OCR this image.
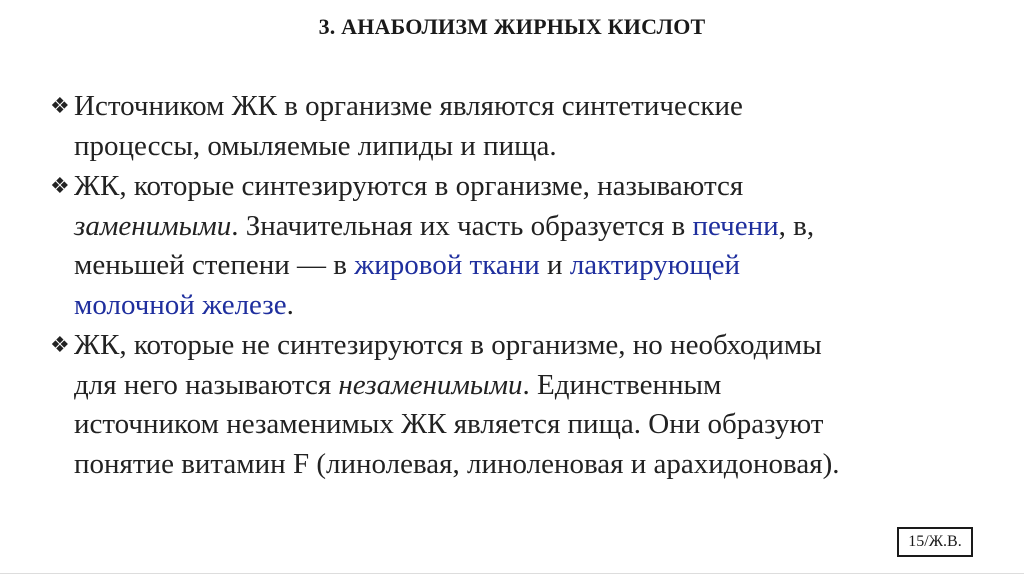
3. АНАБОЛИЗМ ЖИРНЫХ КИСЛОТ
❖ Источником ЖК в организме являются синтетические
процессы, омыляемые липиды и пища.
❖ ЖК, которые синтезируются в организме, называются
заменимыми. Значительная их часть образуется в печени, в,
меньшей степени — в жировой ткани и лактирующей
молочной железе.
❖ ЖК, которые не синтезируются в организме, но необходимы
для него называются незаменимыми. Единственным
источником незаменимых ЖК является пища. Они образуют
понятие витамин F (линолевая, линоленовая и арахидоновая).
15/Ж.В.
